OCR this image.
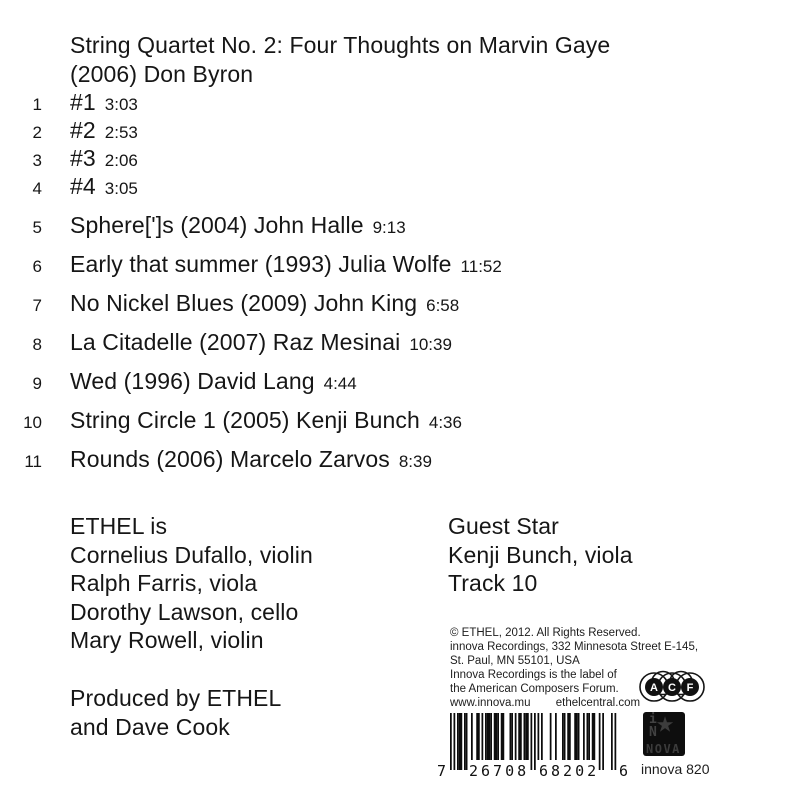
String Quartet No. 2: Four Thoughts on Marvin Gaye
(2006) Don Byron
1 #1 3:03
2 #2 2:53
3 #3 2:06
4 #4 3:05
5 Sphere[']s (2004) John Halle 9:13
6 Early that summer (1993) Julia Wolfe 11:52
7 No Nickel Blues (2009) John King 6:58
8 La Citadelle (2007) Raz Mesinai 10:39
9 Wed (1996) David Lang 4:44
10 String Circle 1 (2005) Kenji Bunch 4:36
11 Rounds (2006) Marcelo Zarvos 8:39
ETHEL is
Cornelius Dufallo, violin
Ralph Farris, viola
Dorothy Lawson, cello
Mary Rowell, violin
Guest Star
Kenji Bunch, viola
Track 10
Produced by ETHEL
and Dave Cook
© ETHEL, 2012. All Rights Reserved.
innova Recordings, 332 Minnesota Street E-145,
St. Paul, MN 55101, USA
Innova Recordings is the label of
the American Composers Forum.
www.innova.mu ethelcentral.com
A C F
7 26708 68202 6
i
N ★
NOVA
innova 820
